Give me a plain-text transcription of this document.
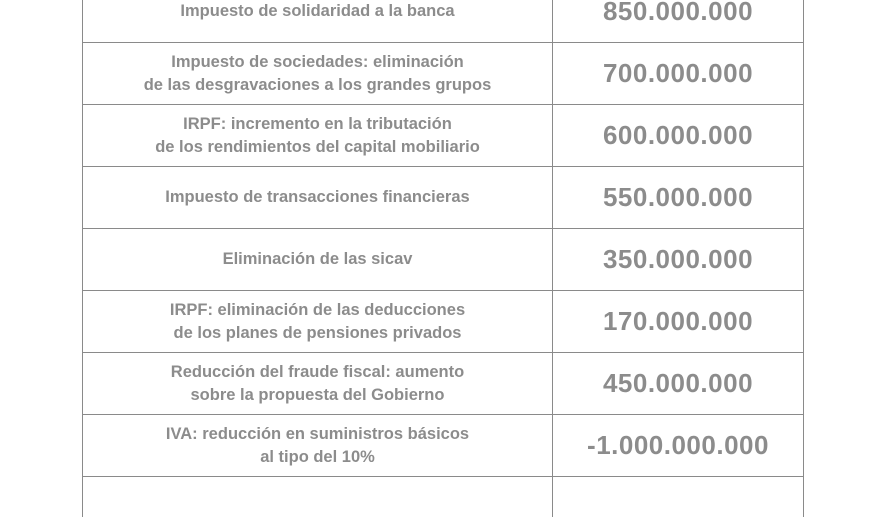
Impuesto de solidaridad a la banca	850.000.000
Impuesto de sociedades: eliminación
de las desgravaciones a los grandes grupos	700.000.000
IRPF: incremento en la tributación
de los rendimientos del capital mobiliario	600.000.000
Impuesto de transacciones financieras	550.000.000
Eliminación de las sicav	350.000.000
IRPF: eliminación de las deducciones
de los planes de pensiones privados	170.000.000
Reducción del fraude fiscal: aumento
sobre la propuesta del Gobierno	450.000.000
IVA: reducción en suministros básicos
al tipo del 10%	-1.000.000.000
